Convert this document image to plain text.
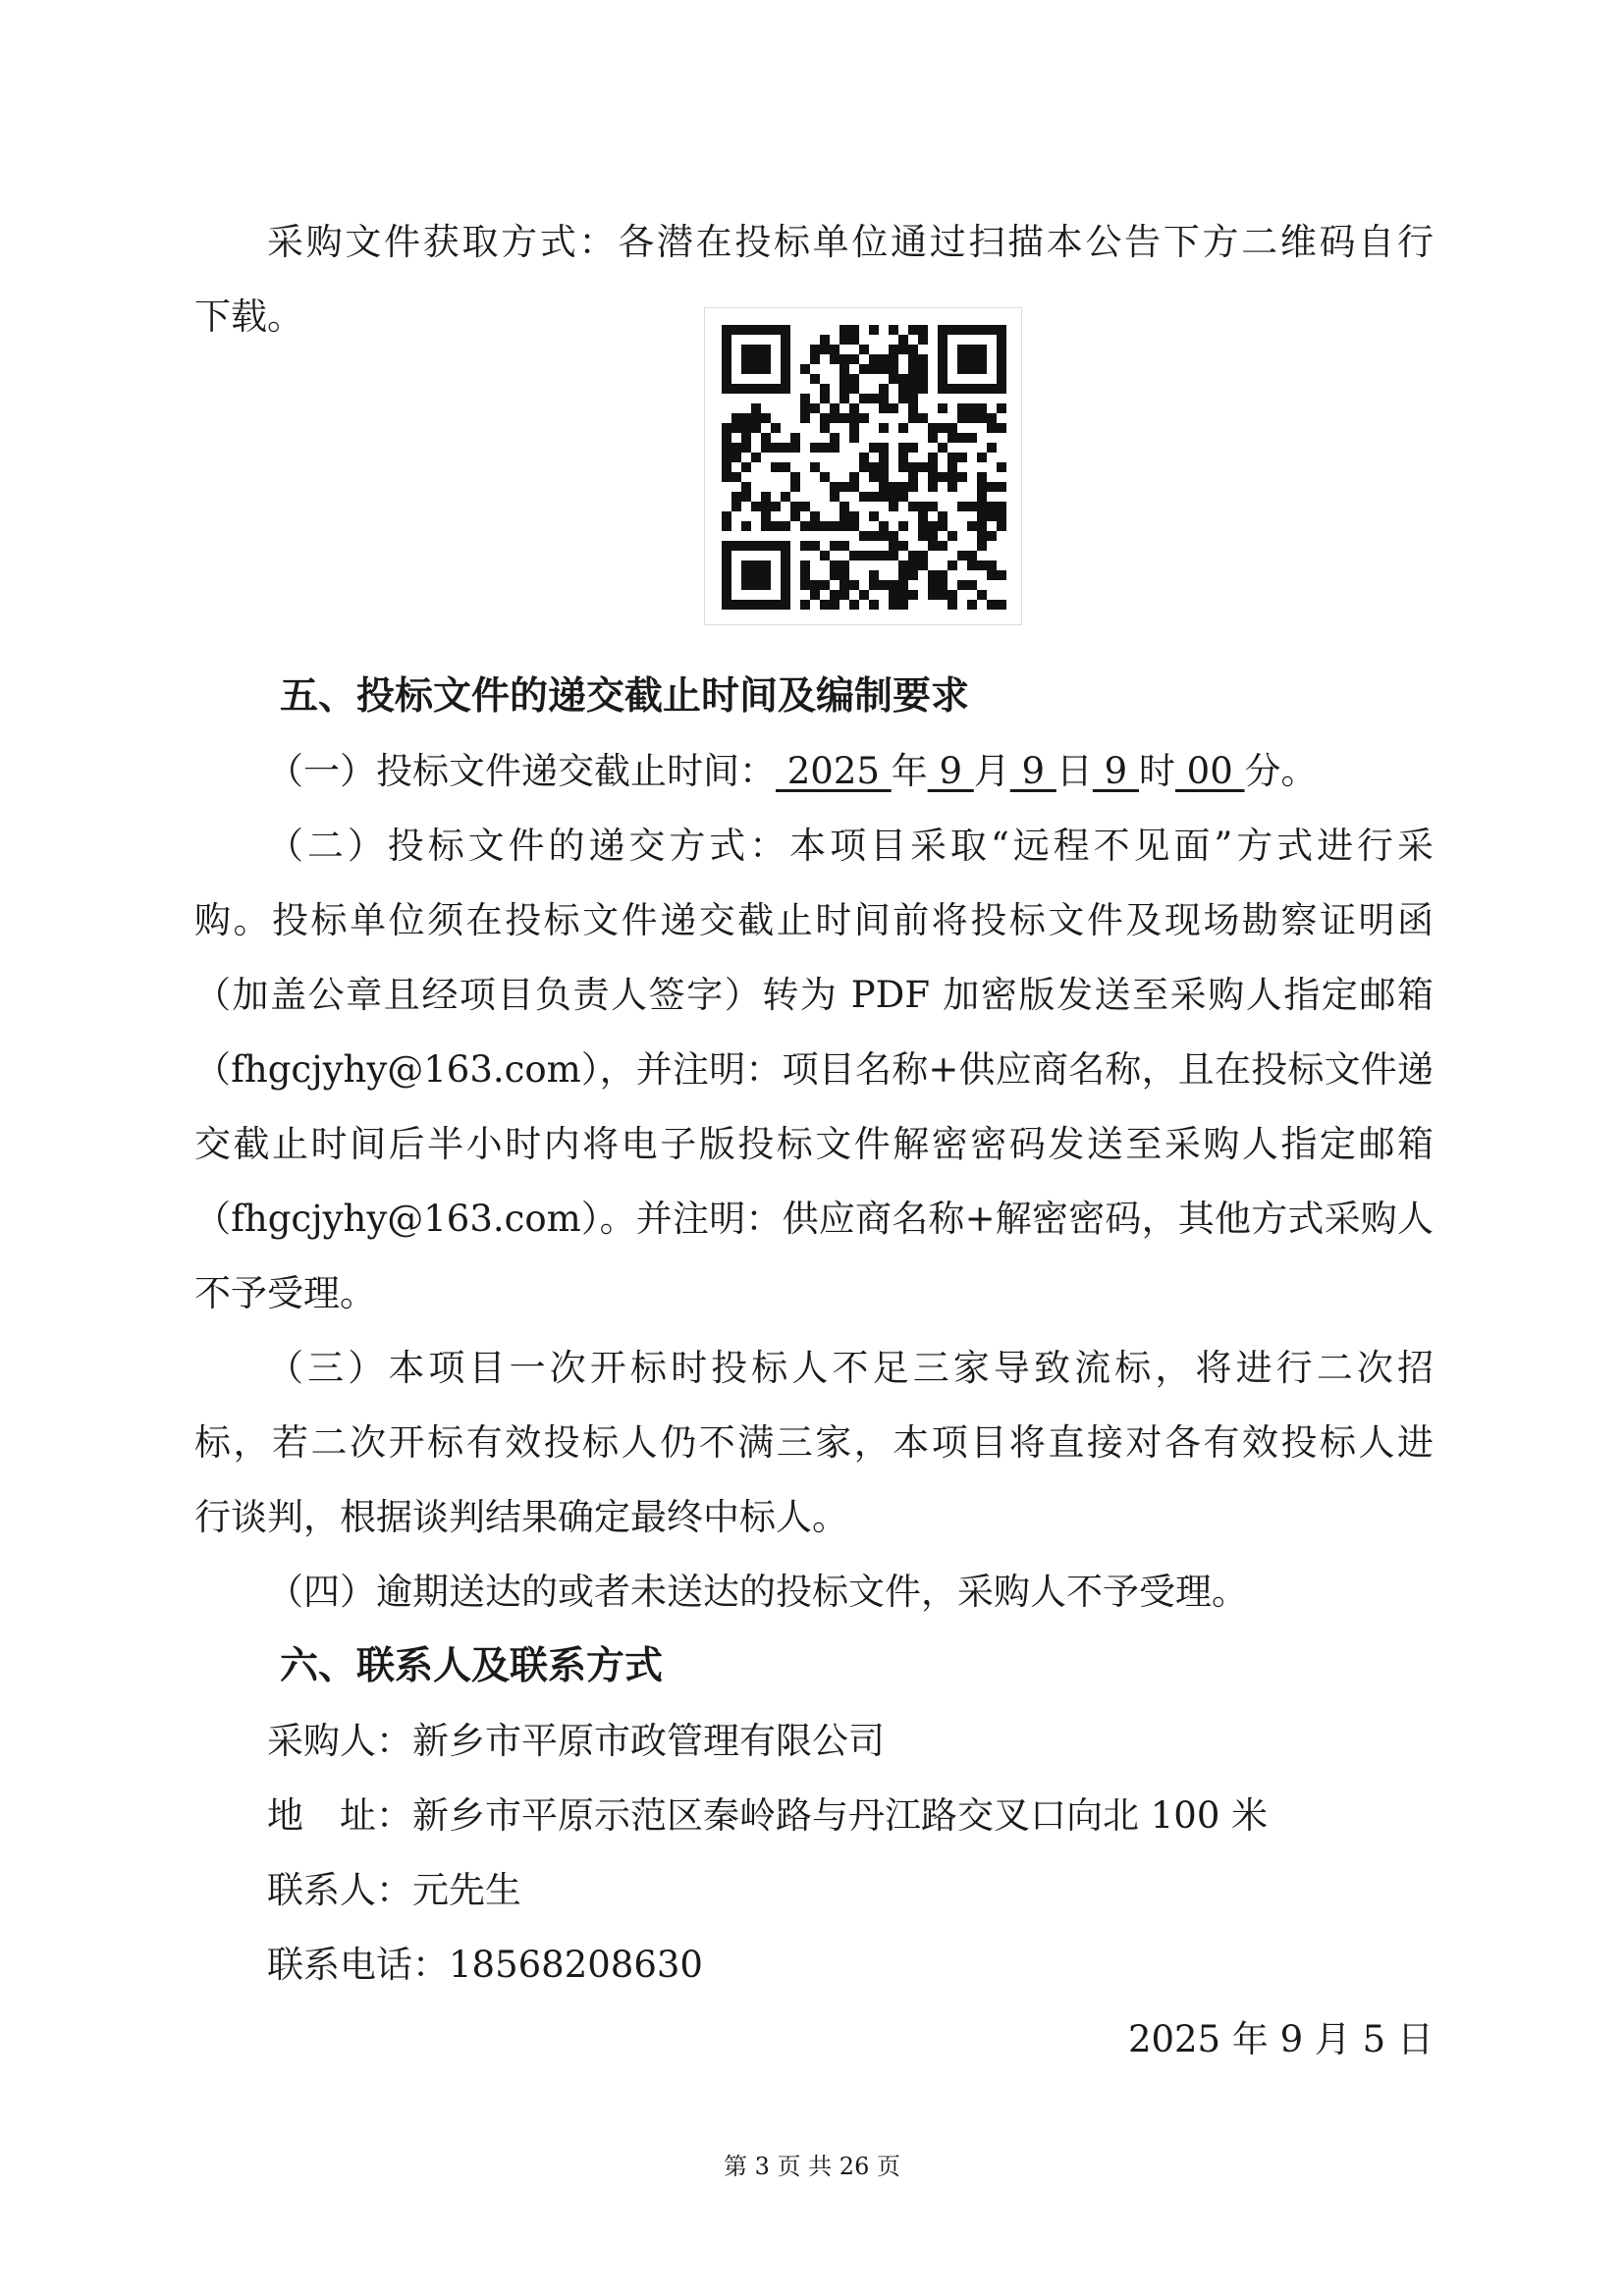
采购文件获取方式：各潜在投标单位通过扫描本公告下方二维码自行
下载。
五、投标文件的递交截止时间及编制要求
（一）投标文件递交截止时间： 2025 年 9 月 9 日 9 时 00 分。
（二）投标文件的递交方式：本项目采取“远程不见面”方式进行采
购。投标单位须在投标文件递交截止时间前将投标文件及现场勘察证明函
（加盖公章且经项目负责人签字）转为 PDF 加密版发送至采购人指定邮箱
（fhgcjyhy@163.com），并注明：项目名称+供应商名称，且在投标文件递
交截止时间后半小时内将电子版投标文件解密密码发送至采购人指定邮箱
（fhgcjyhy@163.com）。并注明：供应商名称+解密密码，其他方式采购人
不予受理。
（三）本项目一次开标时投标人不足三家导致流标，将进行二次招
标，若二次开标有效投标人仍不满三家，本项目将直接对各有效投标人进
行谈判，根据谈判结果确定最终中标人。
（四）逾期送达的或者未送达的投标文件，采购人不予受理。
六、联系人及联系方式
采购人：新乡市平原市政管理有限公司
地　址：新乡市平原示范区秦岭路与丹江路交叉口向北 100 米
联系人：元先生
联系电话：18568208630
2025 年 9 月 5 日
第 3 页 共 26 页
